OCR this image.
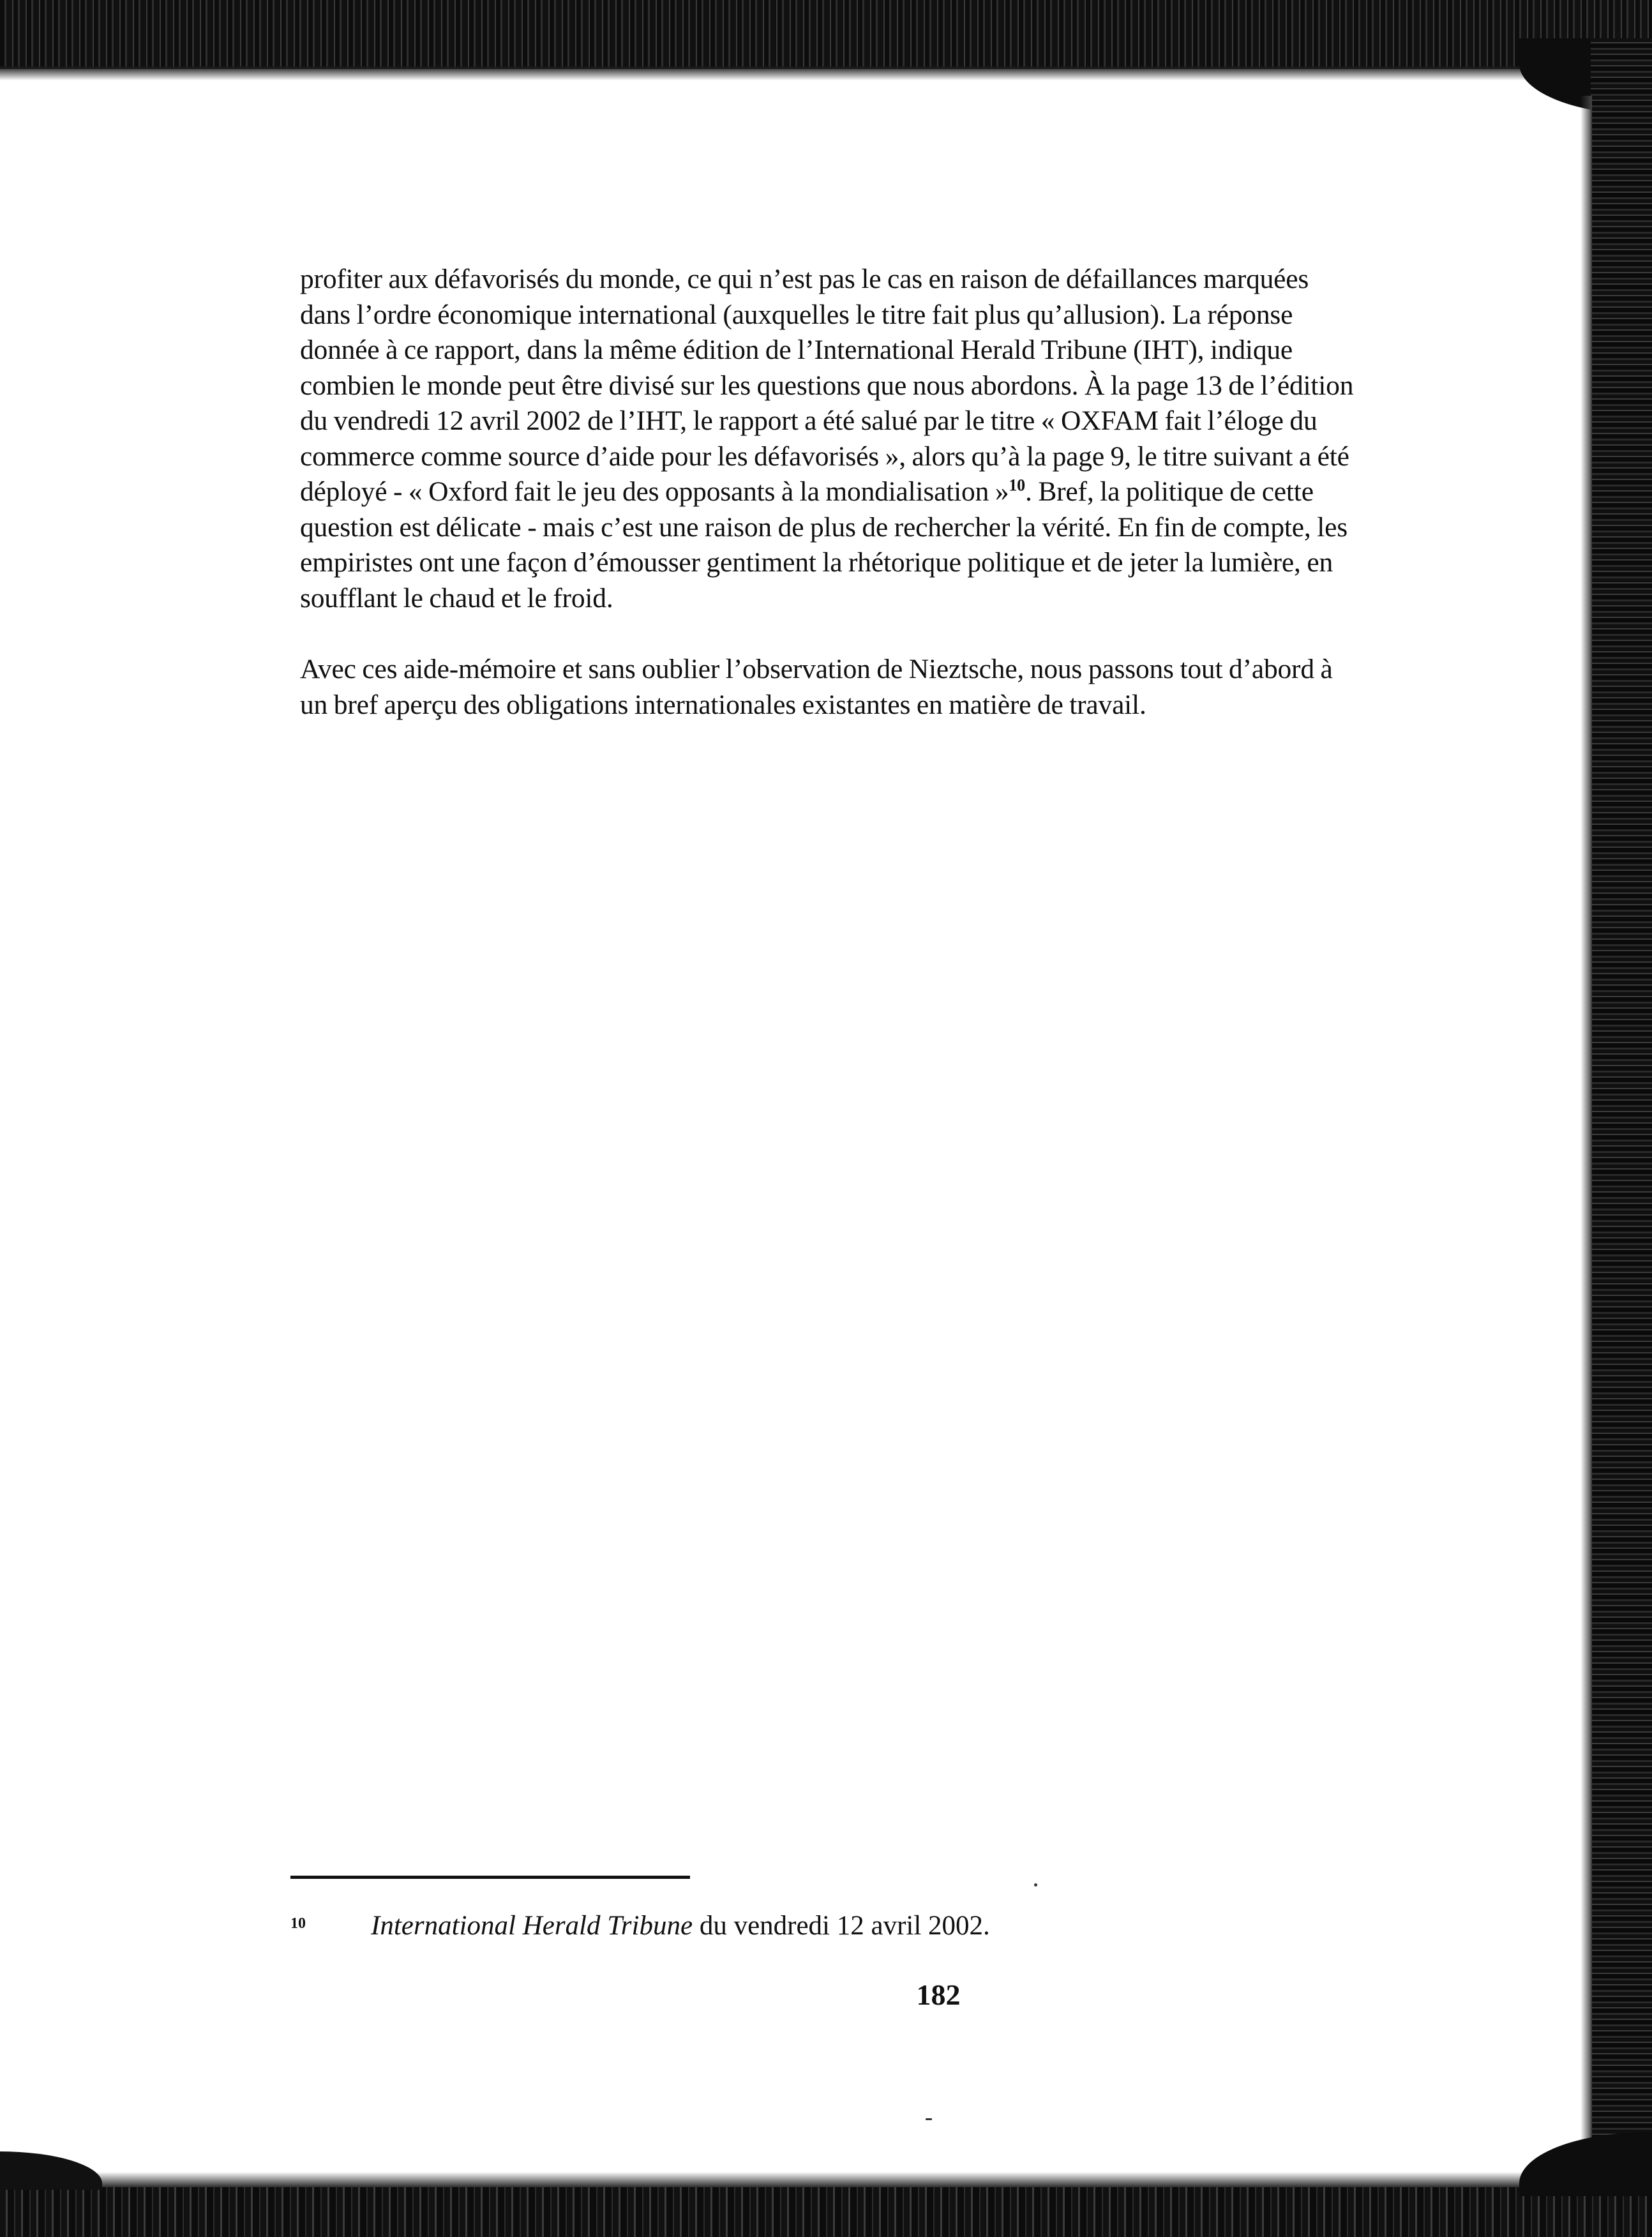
profiter aux défavorisés du monde, ce qui n’est pas le cas en raison de défaillances marquées
dans l’ordre économique international (auxquelles le titre fait plus qu’allusion). La réponse
donnée à ce rapport, dans la même édition de l’International Herald Tribune (IHT), indique
combien le monde peut être divisé sur les questions que nous abordons. À la page 13 de l’édition
du vendredi 12 avril 2002 de l’IHT, le rapport a été salué par le titre « OXFAM fait l’éloge du
commerce comme source d’aide pour les défavorisés », alors qu’à la page 9, le titre suivant a été
déployé - « Oxford fait le jeu des opposants à la mondialisation »$^{10}$. Bref, la politique de cette
question est délicate - mais c’est une raison de plus de rechercher la vérité. En fin de compte, les
empiristes ont une façon d’émousser gentiment la rhétorique politique et de jeter la lumière, en
soufflant le chaud et le froid.

Avec ces aide-mémoire et sans oublier l’observation de Nieztsche, nous passons tout d’abord à
un bref aperçu des obligations internationales existantes en matière de travail.

10 International Herald Tribune du vendredi 12 avril 2002.
182
